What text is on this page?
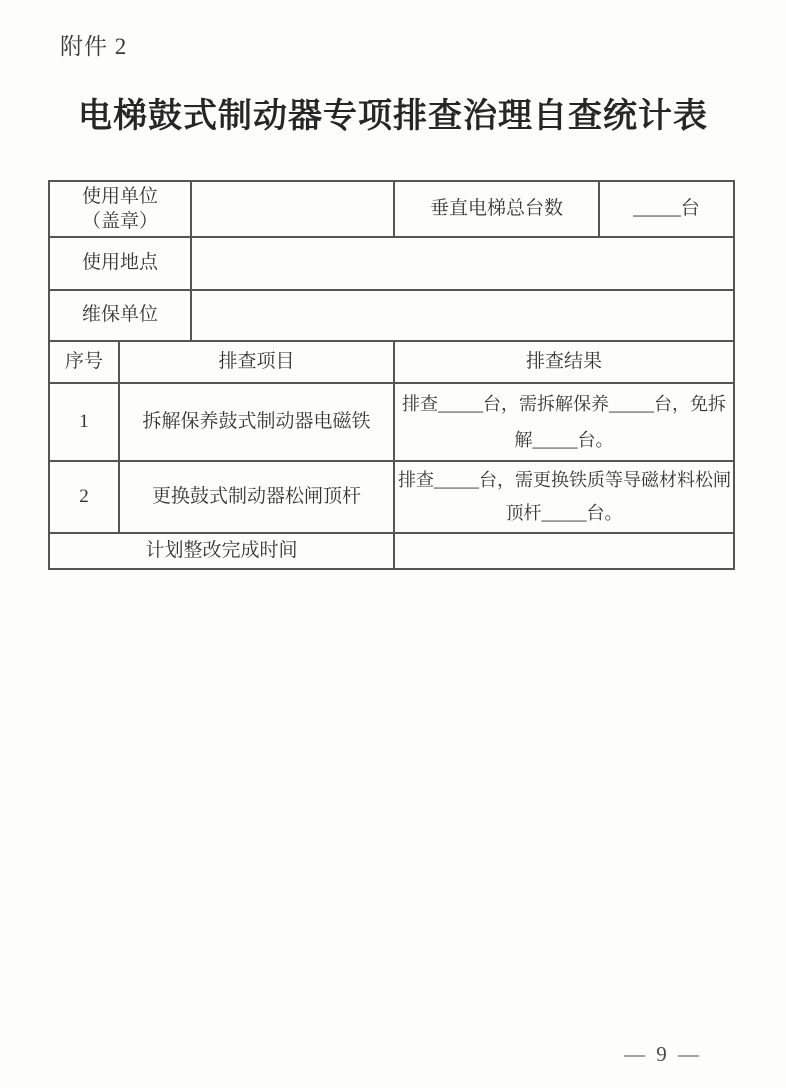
附件 2
电梯鼓式制动器专项排查治理自查统计表
使用单位
（盖章）			垂直电梯总台数	_____台
使用地点				
维保单位				
序号	排查项目		排查结果	
1	拆解保养鼓式制动器电磁铁		排查_____台，需拆解保养_____台，免拆
解_____台。	

2	更换鼓式制动器松闸顶杆		排查_____台，需更换铁质等导磁材料松闸
顶杆_____台。	

计划整改完成时间				
— 9 —
